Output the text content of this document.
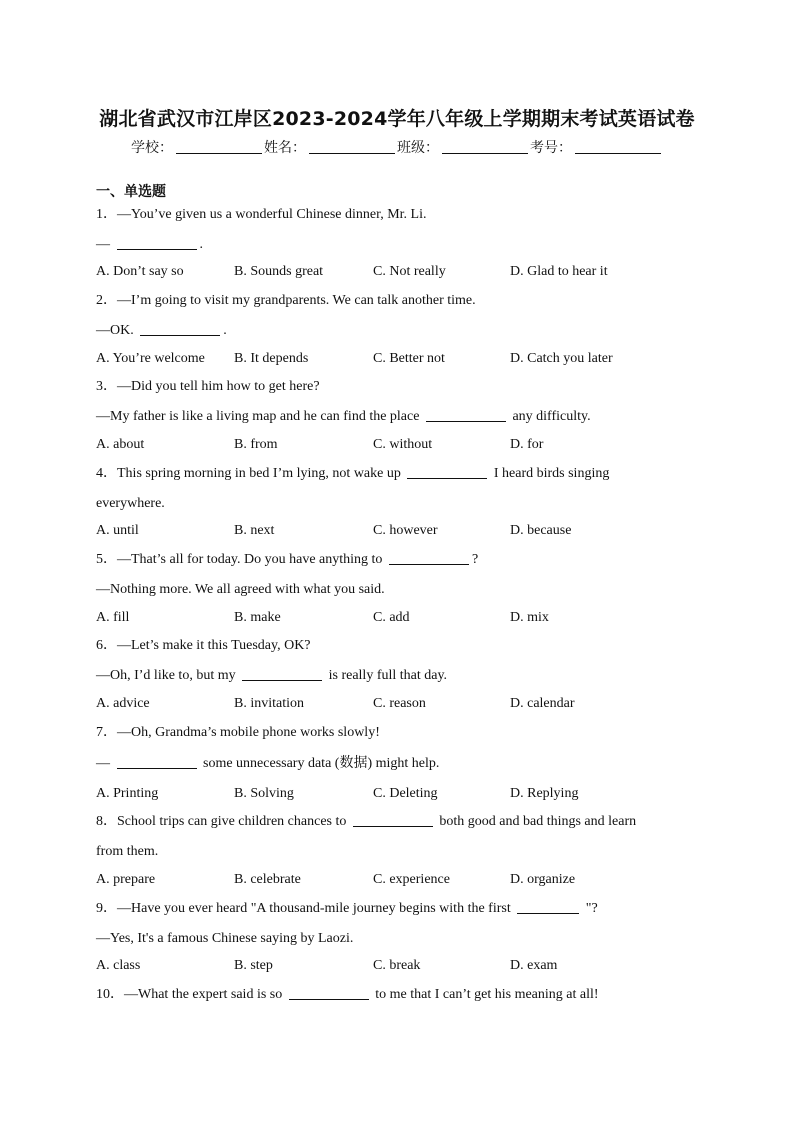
湖北省武汉市江岸区2023-2024学年八年级上学期期末考试英语试卷
学校：	姓名：	班级：	考号：
一、单选题
1．—You’ve given us a wonderful Chinese dinner, Mr. Li.
—	.
A. Don’t say so	B. Sounds great	C. Not really	D. Glad to hear it
2．—I’m going to visit my grandparents. We can talk another time.
—OK.	.
A. You’re welcome B. It depends	C. Better not	D. Catch you later
3．—Did you tell him how to get here?
—My father is like a living map and he can find the place	any difficulty.
A. about	B. from	C. without	D. for
4．This spring morning in bed I’m lying, not wake up	I heard birds singing
everywhere.
A. until	B. next	C. however	D. because
5．—That’s all for today. Do you have anything to	?
—Nothing more. We all agreed with what you said.
A. fill	B. make	C. add	D. mix
6．—Let’s make it this Tuesday, OK?
—Oh, I’d like to, but my	is really full that day.
A. advice	B. invitation	C. reason	D. calendar
7．—Oh, Grandma’s mobile phone works slowly!
—	some unnecessary data (数据) might help.
A. Printing	B. Solving	C. Deleting	D. Replying
8．School trips can give children chances to	both good and bad things and learn
from them.
A. prepare	B. celebrate	C. experience	D. organize
9．—Have you ever heard "A thousand-mile journey begins with the first	"?
—Yes, It's a famous Chinese saying by Laozi.
A. class	B. step	C. break	D. exam
10．—What the expert said is so	to me that I can’t get his meaning at all!
